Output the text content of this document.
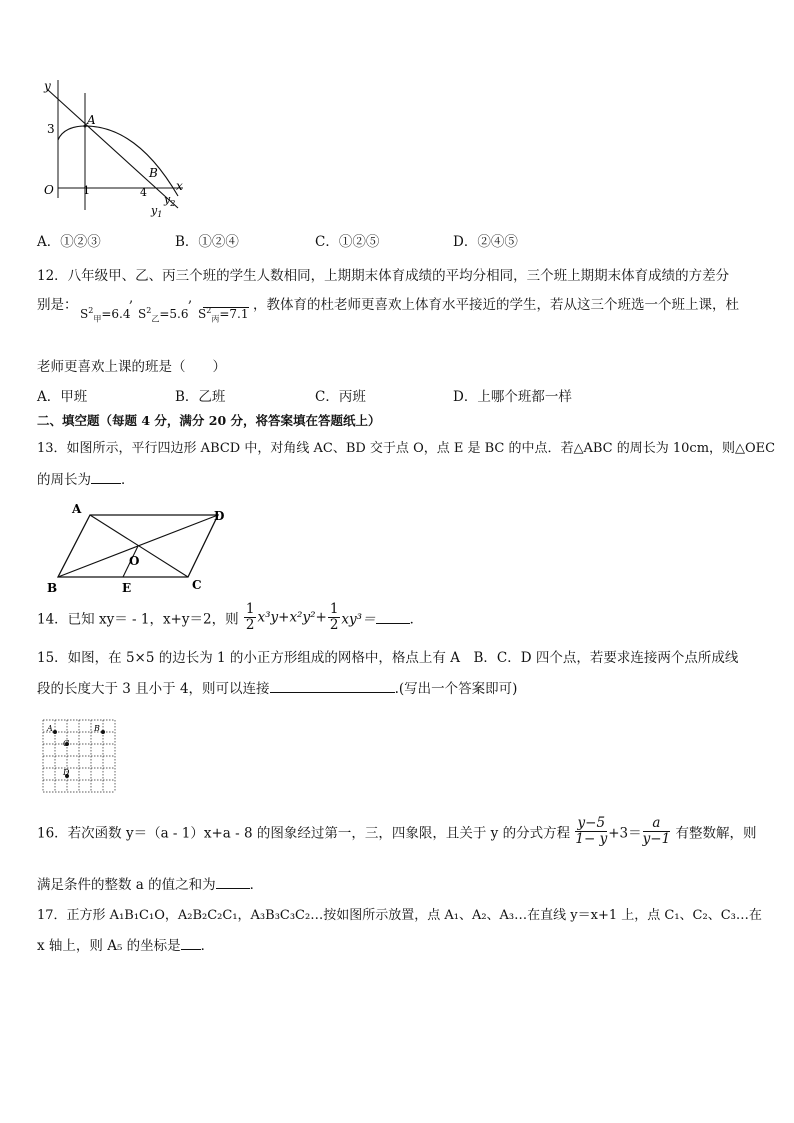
y
x
3
A
B
O	1	4
$y_2$
$y_1$
A．①②③	B．①②④	C．①②⑤	D．②④⑤
12．八年级甲、乙、丙三个班的学生人数相同，上期期末体育成绩的平均分相同，三个班上期期末体育成绩的方差分
别是：
$S^2_甲=6.4$
,
$S^2_乙=5.6$
,
$S^2_丙=7.1$
，教体育的杜老师更喜欢上体育水平接近的学生，若从这三个班选一个班上课，杜
老师更喜欢上课的班是（　　）
A．甲班	B．乙班	C．丙班	D．上哪个班都一样
二、填空题（每题 4 分，满分 20 分，将答案填在答题纸上）
13．如图所示，平行四边形 ABCD 中，对角线 AC、BD 交于点 O，点 E 是 BC 的中点．若△ABC 的周长为 10cm，则△OEC
的周长为 ．
A	D
B	C
O
E
14．已知 xy＝ - 1，x+y＝2，则 $\frac{1}{2} x^3y+x^2y^2+ \frac{1}{2} xy^3=$	．
15．如图，在 5×5 的边长为 1 的小正方形组成的网格中，格点上有 A　B．C．D 四个点，若要求连接两个点所成线
段的长度大于 3 且小于 4，则可以连接	.(写出一个答案即可)
A	B
C
D
16．若次函数 y＝（a - 1）x+a - 8 的图象经过第一，三，四象限，且关于 y 的分式方程 $\frac{y-5}{1- y} +3= \frac{a}{y-1}$ 有整数解，则
满足条件的整数 a 的值之和为	．
17．正方形 A₁B₁C₁O，A₂B₂C₂C₁，A₃B₃C₃C₂…按如图所示放置，点 A₁、A₂、A₃…在直线 y＝x+1 上，点 C₁、C₂、C₃…在
x 轴上，则 A₅ 的坐标是 ．
